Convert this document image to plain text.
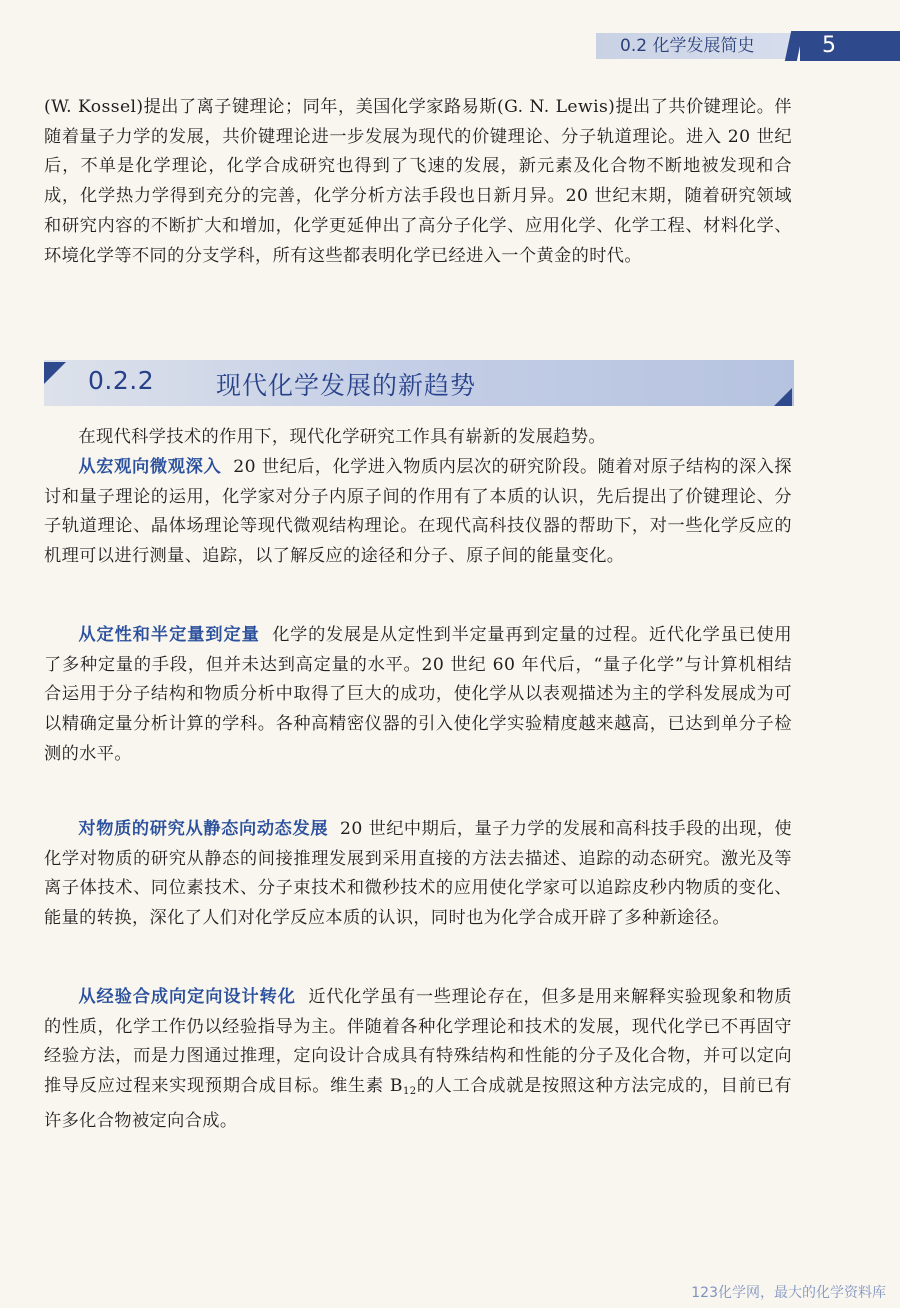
0.2 化学发展简史	5
(W. Kossel)提出了离子键理论；同年，美国化学家路易斯(G. N. Lewis)提出了共价键理论。伴随着量子力学的发展，共价键理论进一步发展为现代的价键理论、分子轨道理论。进入 20 世纪后，不单是化学理论，化学合成研究也得到了飞速的发展，新元素及化合物不断地被发现和合成，化学热力学得到充分的完善，化学分析方法手段也日新月异。20 世纪末期，随着研究领域和研究内容的不断扩大和增加，化学更延伸出了高分子化学、应用化学、化学工程、材料化学、环境化学等不同的分支学科，所有这些都表明化学已经进入一个黄金的时代。
0.2.2 现代化学发展的新趋势
在现代科学技术的作用下，现代化学研究工作具有崭新的发展趋势。
从宏观向微观深入 20 世纪后，化学进入物质内层次的研究阶段。随着对原子结构的深入探讨和量子理论的运用，化学家对分子内原子间的作用有了本质的认识，先后提出了价键理论、分子轨道理论、晶体场理论等现代微观结构理论。在现代高科技仪器的帮助下，对一些化学反应的机理可以进行测量、追踪，以了解反应的途径和分子、原子间的能量变化。
从定性和半定量到定量 化学的发展是从定性到半定量再到定量的过程。近代化学虽已使用了多种定量的手段，但并未达到高定量的水平。20 世纪 60 年代后，“量子化学”与计算机相结合运用于分子结构和物质分析中取得了巨大的成功，使化学从以表观描述为主的学科发展成为可以精确定量分析计算的学科。各种高精密仪器的引入使化学实验精度越来越高，已达到单分子检测的水平。
对物质的研究从静态向动态发展 20 世纪中期后，量子力学的发展和高科技手段的出现，使化学对物质的研究从静态的间接推理发展到采用直接的方法去描述、追踪的动态研究。激光及等离子体技术、同位素技术、分子束技术和微秒技术的应用使化学家可以追踪皮秒内物质的变化、能量的转换，深化了人们对化学反应本质的认识，同时也为化学合成开辟了多种新途径。
从经验合成向定向设计转化 近代化学虽有一些理论存在，但多是用来解释实验现象和物质的性质，化学工作仍以经验指导为主。伴随着各种化学理论和技术的发展，现代化学已不再固守经验方法，而是力图通过推理，定向设计合成具有特殊结构和性能的分子及化合物，并可以定向推导反应过程来实现预期合成目标。维生素 $B_{12}$的人工合成就是按照这种方法完成的，目前已有许多化合物被定向合成。
123化学网，最大的化学资料库
